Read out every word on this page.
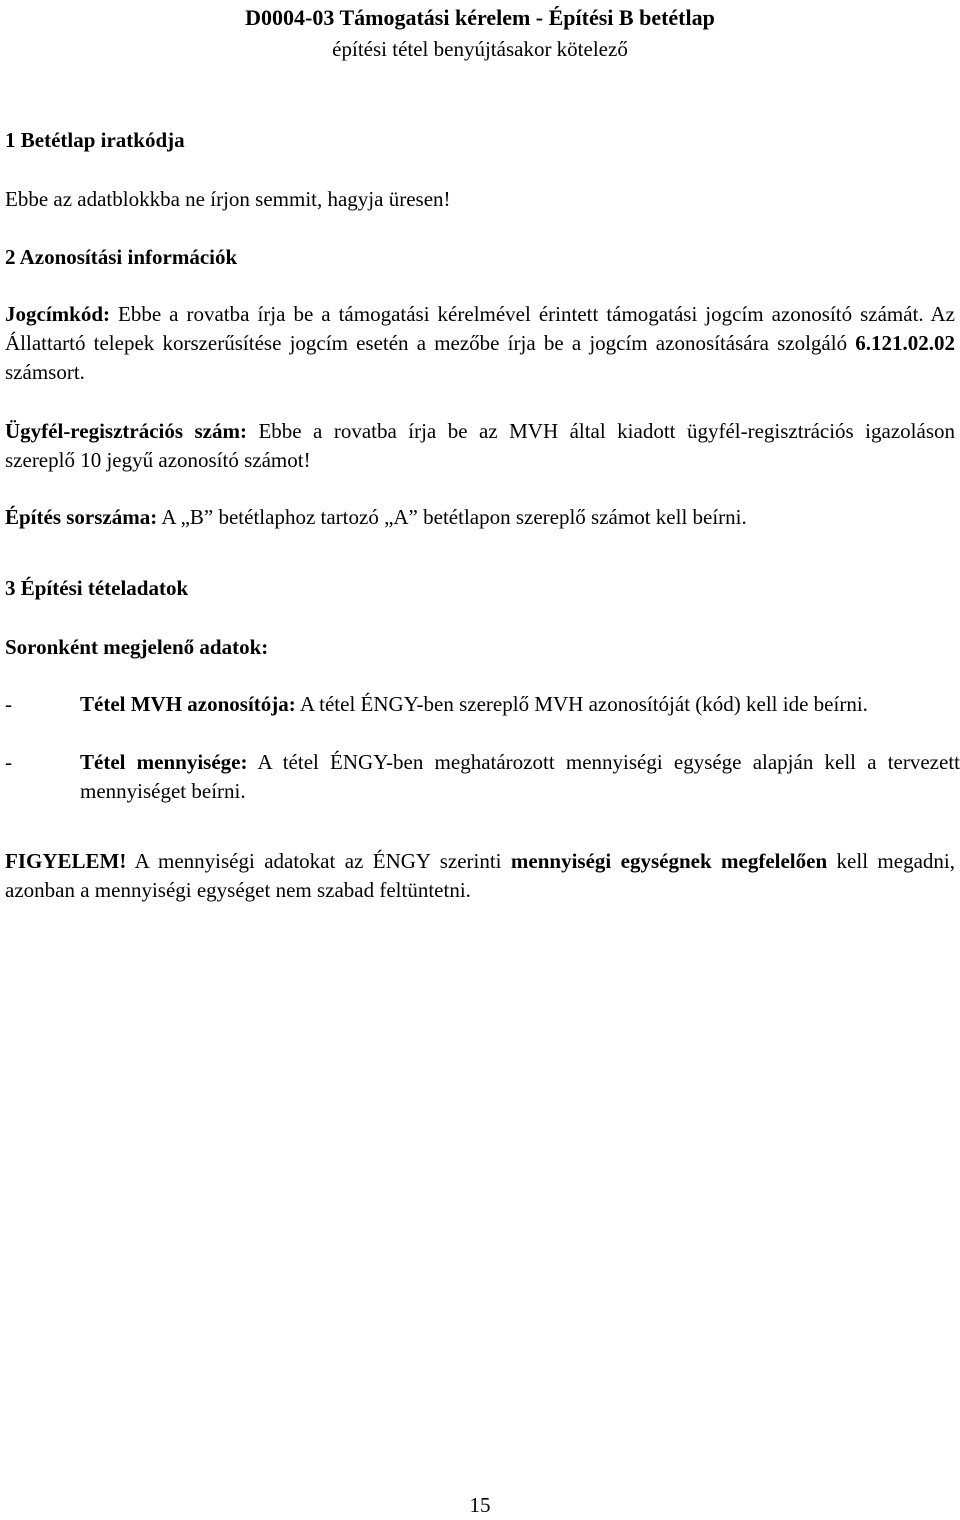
D0004-03 Támogatási kérelem - Építési B betétlap
építési tétel benyújtásakor kötelező
1 Betétlap iratkódja
Ebbe az adatblokkba ne írjon semmit, hagyja üresen!
2 Azonosítási információk
Jogcímkód: Ebbe a rovatba írja be a támogatási kérelmével érintett támogatási jogcím azonosító számát. Az Állattartó telepek korszerűsítése jogcím esetén a mezőbe írja be a jogcím azonosítására szolgáló 6.121.02.02 számsort.
Ügyfél-regisztrációs szám: Ebbe a rovatba írja be az MVH által kiadott ügyfél-regisztrációs igazoláson szereplő 10 jegyű azonosító számot!
Építés sorszáma: A „B” betétlaphoz tartozó „A” betétlapon szereplő számot kell beírni.
3 Építési tételadatok
Soronként megjelenő adatok:
-	Tétel MVH azonosítója: A tétel ÉNGY-ben szereplő MVH azonosítóját (kód) kell ide beírni.
-	Tétel mennyisége: A tétel ÉNGY-ben meghatározott mennyiségi egysége alapján kell a tervezett mennyiséget beírni.
FIGYELEM! A mennyiségi adatokat az ÉNGY szerinti mennyiségi egységnek megfelelően kell megadni, azonban a mennyiségi egységet nem szabad feltüntetni.
15
